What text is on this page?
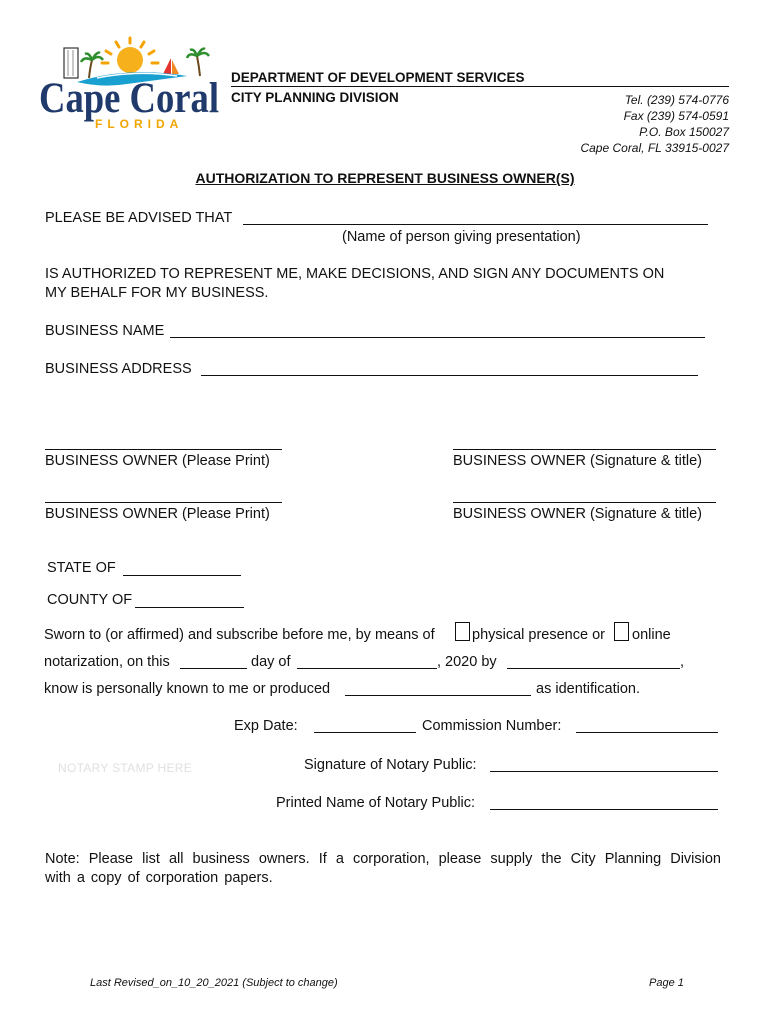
Cape Coral
FLORIDA
DEPARTMENT OF DEVELOPMENT SERVICES
CITY PLANNING DIVISION	Tel. (239) 574-0776
Fax (239) 574-0591
P.O. Box 150027
Cape Coral, FL 33915-0027
AUTHORIZATION TO REPRESENT BUSINESS OWNER(S)
PLEASE BE ADVISED THAT
(Name of person giving presentation)
IS AUTHORIZED TO REPRESENT ME, MAKE DECISIONS, AND SIGN ANY DOCUMENTS ON
MY BEHALF FOR MY BUSINESS.
BUSINESS NAME
BUSINESS ADDRESS
BUSINESS OWNER (Please Print)	BUSINESS OWNER (Signature & title)
BUSINESS OWNER (Please Print)	BUSINESS OWNER (Signature & title)
STATE OF
COUNTY OF
Sworn to (or affirmed) and subscribe before me, by means of	physical presence or online
notarization, on this	day of	, 2020 by	,
know is personally known to me or produced	as identification.
Exp Date:	Commission Number:
NOTARY STAMP HERE	Signature of Notary Public:
Printed Name of Notary Public:
Note: Please list all business owners. If a corporation, please supply the City Planning Division
with a copy of corporation papers.
Last Revised_on_10_20_2021 (Subject to change)	Page 1
